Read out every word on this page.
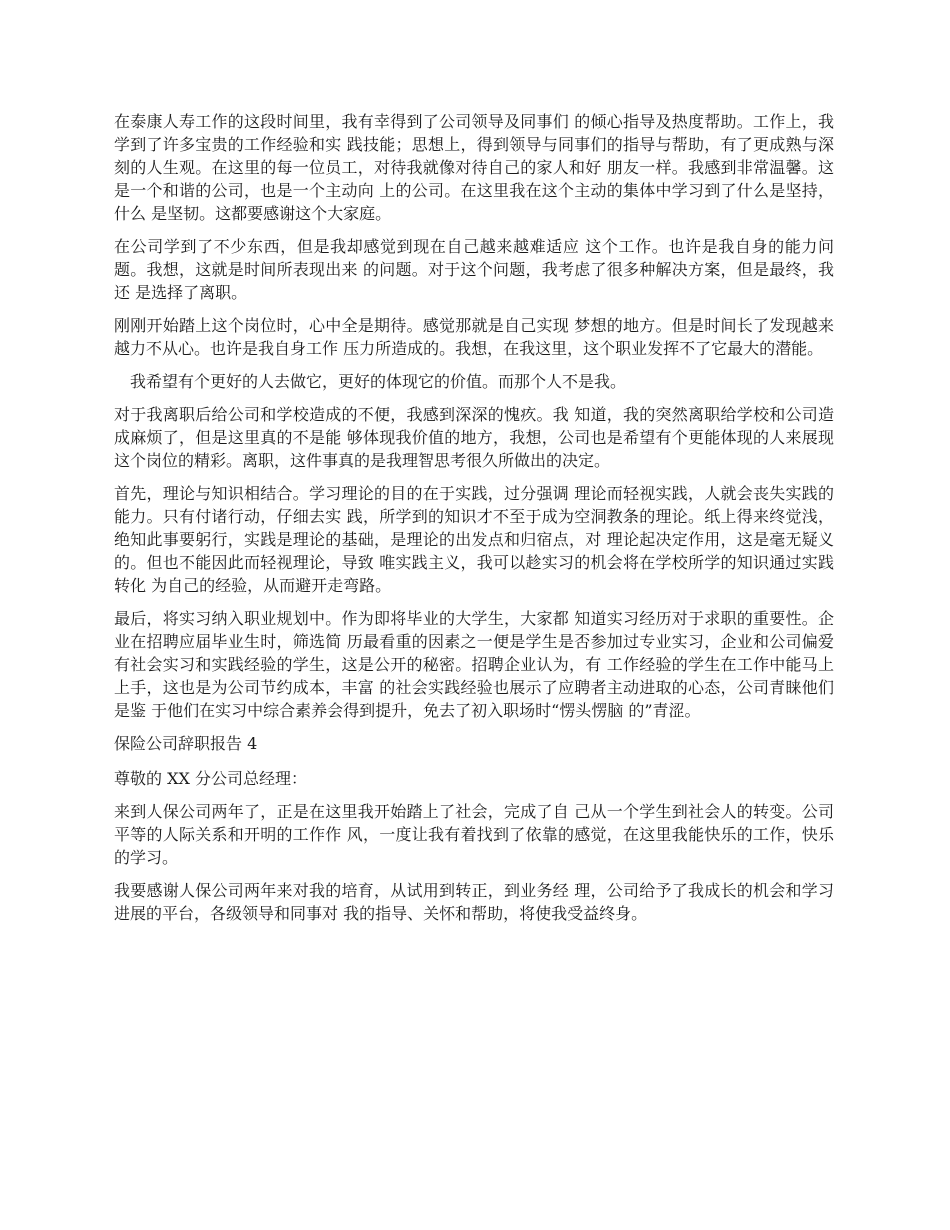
在泰康人寿工作的这段时间里，我有幸得到了公司领导及同事们 的倾心指导及热度帮助。工作上，我学到了许多宝贵的工作经验和实 践技能；思想上，得到领导与同事们的指导与帮助，有了更成熟与深 刻的人生观。在这里的每一位员工，对待我就像对待自己的家人和好 朋友一样。我感到非常温馨。这是一个和谐的公司，也是一个主动向 上的公司。在这里我在这个主动的集体中学习到了什么是坚持，什么 是坚韧。这都要感谢这个大家庭。

在公司学到了不少东西，但是我却感觉到现在自己越来越难适应 这个工作。也许是我自身的能力问题。我想，这就是时间所表现出来 的问题。对于这个问题，我考虑了很多种解决方案，但是最终，我还 是选择了离职。

刚刚开始踏上这个岗位时，心中全是期待。感觉那就是自己实现 梦想的地方。但是时间长了发现越来越力不从心。也许是我自身工作 压力所造成的。我想，在我这里，这个职业发挥不了它最大的潜能。

我希望有个更好的人去做它，更好的体现它的价值。而那个人不是我。

对于我离职后给公司和学校造成的不便，我感到深深的愧疚。我 知道，我的突然离职给学校和公司造成麻烦了，但是这里真的不是能 够体现我价值的地方，我想，公司也是希望有个更能体现的人来展现 这个岗位的精彩。离职，这件事真的是我理智思考很久所做出的决定。

首先，理论与知识相结合。学习理论的目的在于实践，过分强调 理论而轻视实践，人就会丧失实践的能力。只有付诸行动，仔细去实 践，所学到的知识才不至于成为空洞教条的理论。纸上得来终觉浅， 绝知此事要躬行，实践是理论的基础，是理论的出发点和归宿点，对 理论起决定作用，这是毫无疑义的。但也不能因此而轻视理论，导致 唯实践主义，我可以趁实习的机会将在学校所学的知识通过实践转化 为自己的经验，从而避开走弯路。

最后，将实习纳入职业规划中。作为即将毕业的大学生，大家都 知道实习经历对于求职的重要性。企业在招聘应届毕业生时，筛选简 历最看重的因素之一便是学生是否参加过专业实习，企业和公司偏爱 有社会实习和实践经验的学生，这是公开的秘密。招聘企业认为，有 工作经验的学生在工作中能马上上手，这也是为公司节约成本，丰富 的社会实践经验也展示了应聘者主动进取的心态，公司青睐他们是鉴 于他们在实习中综合素养会得到提升，免去了初入职场时“愣头愣脑 的”青涩。

保险公司辞职报告 4

尊敬的 XX 分公司总经理：

来到人保公司两年了，正是在这里我开始踏上了社会，完成了自 己从一个学生到社会人的转变。公司平等的人际关系和开明的工作作 风，一度让我有着找到了依靠的感觉，在这里我能快乐的工作，快乐 的学习。

我要感谢人保公司两年来对我的培育，从试用到转正，到业务经 理，公司给予了我成长的机会和学习进展的平台，各级领导和同事对 我的指导、关怀和帮助，将使我受益终身。
